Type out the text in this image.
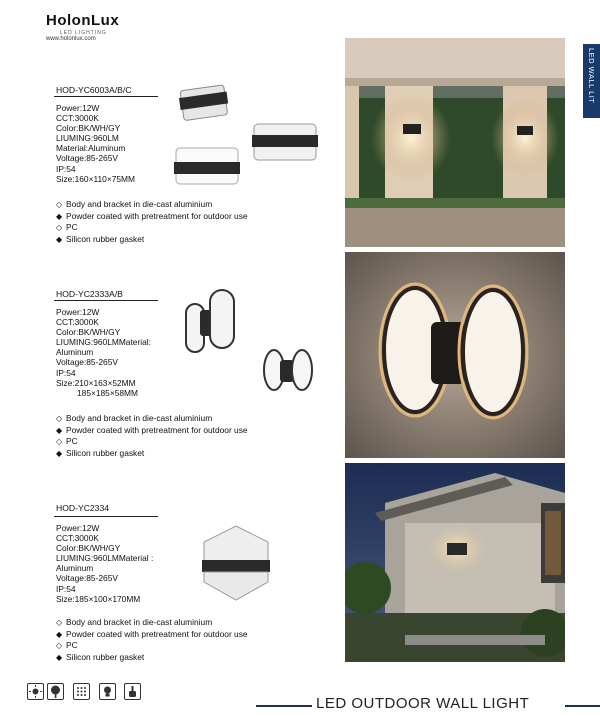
HolonLux
LED LIGHTING
www.holonlux.com
LED WALL LIT
HOD-YC6003A/B/C
Power:12W
CCT:3000K
Color:BK/WH/GY
LIUMING:960LM
Material:Aluminum
Voltage:85-265V
IP:54
Size:160×110×75MM
◇ Body and bracket in die-cast aluminium
◆ Powder coated with pretreatment for outdoor use
◇ PC
◆ Silicon rubber gasket
HOD-YC2333A/B
Power:12W
CCT:3000K
Color:BK/WH/GY
LIUMING:960LMMaterial:
Aluminum
Voltage:85-265V
IP:54
Size:210×163×52MM
185×185×58MM
◇ Body and bracket in die-cast aluminium
◆ Powder coated with pretreatment for outdoor use
◇ PC
◆ Silicon rubber gasket
HOD-YC2334
Power:12W
CCT:3000K
Color:BK/WH/GY
LIUMING:960LMMaterial :
Aluminum
Voltage:85-265V
IP:54
Size:185×100×170MM
◇ Body and bracket in die-cast aluminium
◆ Powder coated with pretreatment for outdoor use
◇ PC
◆ Silicon rubber gasket
LED OUTDOOR WALL LIGHT
